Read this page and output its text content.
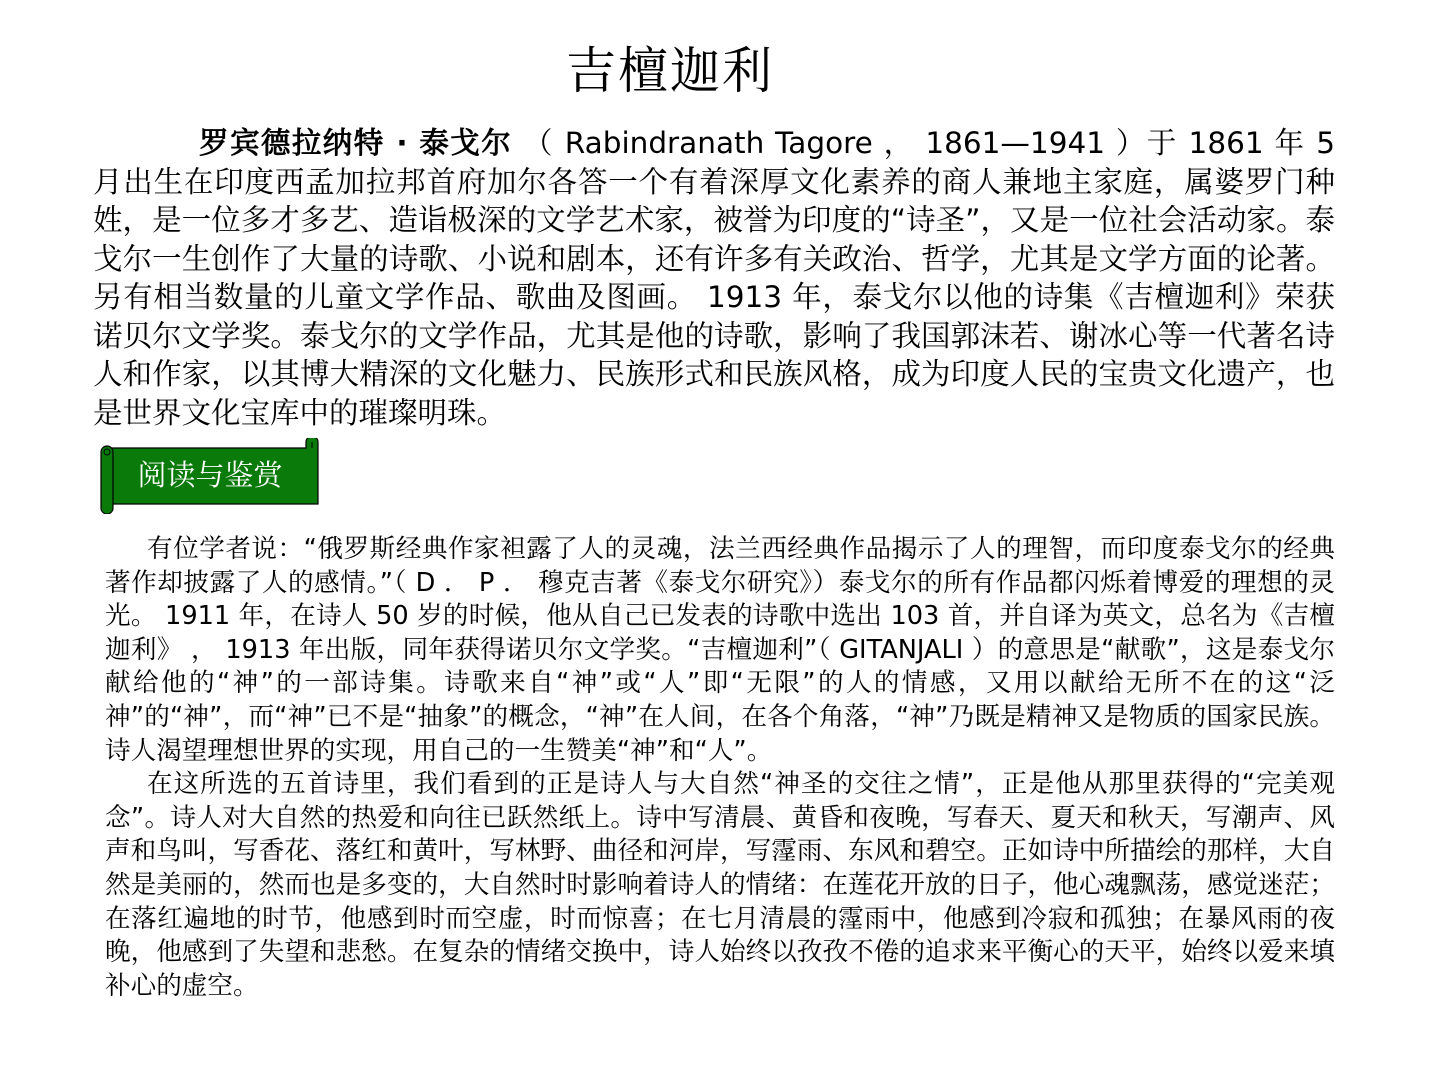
吉檀迦利

罗宾德拉纳特 · 泰戈尔 （ Rabindranath Tagore ， 1861—1941 ）于 1861 年 5 月出生在印度西孟加拉邦首府加尔各答一个有着深厚文化素养的商人兼地主家庭，属婆罗门种姓，是一位多才多艺、造诣极深的文学艺术家，被誉为印度的“诗圣”，又是一位社会活动家。泰戈尔一生创作了大量的诗歌、小说和剧本，还有许多有关政治、哲学，尤其是文学方面的论著。另有相当数量的儿童文学作品、歌曲及图画。 1913 年，泰戈尔以他的诗集《吉檀迦利》荣获诺贝尔文学奖。泰戈尔的文学作品，尤其是他的诗歌，影响了我国郭沫若、谢冰心等一代著名诗人和作家，以其博大精深的文化魅力、民族形式和民族风格，成为印度人民的宝贵文化遗产，也是世界文化宝库中的璀璨明珠。

阅读与鉴赏

有位学者说：“俄罗斯经典作家袒露了人的灵魂，法兰西经典作品揭示了人的理智，而印度泰戈尔的经典著作却披露了人的感情。”（ D ． P ． 穆克吉著《泰戈尔研究》）泰戈尔的所有作品都闪烁着博爱的理想的灵光。 1911 年，在诗人 50 岁的时候，他从自己已发表的诗歌中选出 103 首，并自译为英文，总名为《吉檀迦利》 ， 1913 年出版，同年获得诺贝尔文学奖。“吉檀迦利”（ GITANJALI ）的意思是“献歌”，这是泰戈尔献给他的“神”的一部诗集。诗歌来自“神”或“人”即“无限”的人的情感，又用以献给无所不在的这“泛神”的“神”，而“神”已不是“抽象”的概念，“神”在人间，在各个角落，“神”乃既是精神又是物质的国家民族。诗人渴望理想世界的实现，用自己的一生赞美“神”和“人”。

在这所选的五首诗里，我们看到的正是诗人与大自然“神圣的交往之情”，正是他从那里获得的“完美观念”。诗人对大自然的热爱和向往已跃然纸上。诗中写清晨、黄昏和夜晚，写春天、夏天和秋天，写潮声、风声和鸟叫，写香花、落红和黄叶，写林野、曲径和河岸，写霪雨、东风和碧空。正如诗中所描绘的那样，大自然是美丽的，然而也是多变的，大自然时时影响着诗人的情绪：在莲花开放的日子，他心魂飘荡，感觉迷茫；在落红遍地的时节，他感到时而空虚，时而惊喜；在七月清晨的霪雨中，他感到冷寂和孤独；在暴风雨的夜晚，他感到了失望和悲愁。在复杂的情绪交换中，诗人始终以孜孜不倦的追求来平衡心的天平，始终以爱来填补心的虚空。
